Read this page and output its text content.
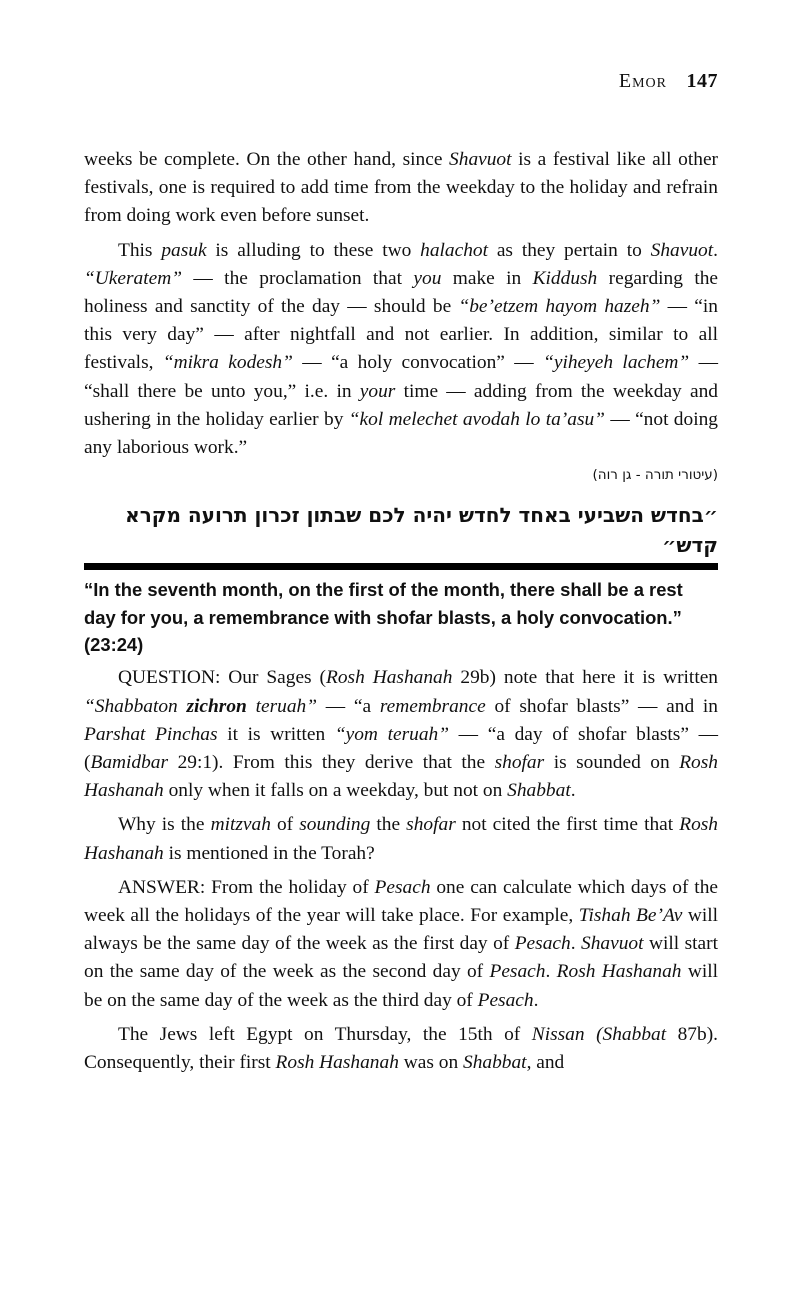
Emor 147

weeks be complete. On the other hand, since Shavuot is a festival like all other festivals, one is required to add time from the weekday to the holiday and refrain from doing work even before sunset.

This pasuk is alluding to these two halachot as they pertain to Shavuot. “Ukeratem” — the proclamation that you make in Kiddush regarding the holiness and sanctity of the day — should be “be’etzem hayom hazeh” — “in this very day” — after nightfall and not earlier. In addition, similar to all festivals, “mikra kodesh” — “a holy convocation” — “yiheyeh lachem” — “shall there be unto you,” i.e. in your time — adding from the weekday and ushering in the holiday earlier by “kol melechet avodah lo ta’asu” — “not doing any laborious work.”

(עיטורי תורה - גן רוה)
״בחדש השביעי באחד לחדש יהיה לכם שבתון זכרון תרועה מקרא
קדש״

“In the seventh month, on the first of the month, there shall be a rest day for you, a remembrance with shofar blasts, a holy convocation.” (23:24)

QUESTION: Our Sages (Rosh Hashanah 29b) note that here it is written “Shabbaton zichron teruah” — “a remembrance of shofar blasts” — and in Parshat Pinchas it is written “yom teruah” — “a day of shofar blasts” — (Bamidbar 29:1). From this they derive that the shofar is sounded on Rosh Hashanah only when it falls on a weekday, but not on Shabbat.

Why is the mitzvah of sounding the shofar not cited the first time that Rosh Hashanah is mentioned in the Torah?

ANSWER: From the holiday of Pesach one can calculate which days of the week all the holidays of the year will take place. For example, Tishah Be’Av will always be the same day of the week as the first day of Pesach. Shavuot will start on the same day of the week as the second day of Pesach. Rosh Hashanah will be on the same day of the week as the third day of Pesach.

The Jews left Egypt on Thursday, the 15th of Nissan (Shabbat 87b). Consequently, their first Rosh Hashanah was on Shabbat, and
